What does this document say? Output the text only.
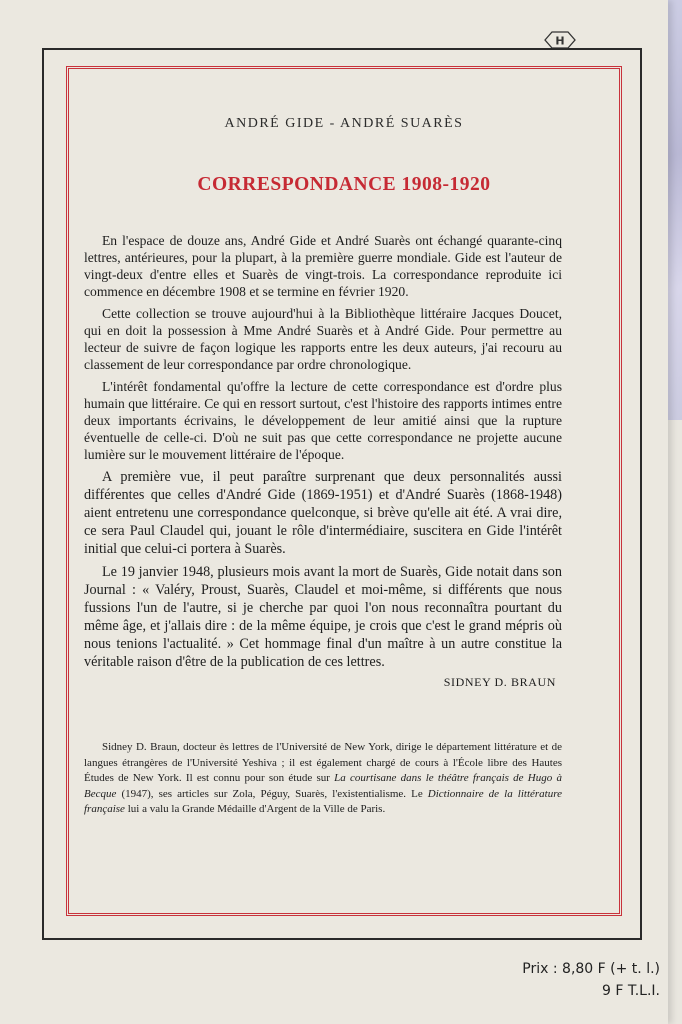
H
ANDRÉ GIDE - ANDRÉ SUARÈS
CORRESPONDANCE 1908-1920

En l'espace de douze ans, André Gide et André Suarès ont échangé quarante-cinq lettres, antérieures, pour la plupart, à la première guerre mondiale. Gide est l'auteur de vingt-deux d'entre elles et Suarès de vingt-trois. La correspondance reproduite ici commence en décembre 1908 et se termine en février 1920.

Cette collection se trouve aujourd'hui à la Bibliothèque littéraire Jacques Doucet, qui en doit la possession à Mme André Suarès et à André Gide. Pour permettre au lecteur de suivre de façon logique les rapports entre les deux auteurs, j'ai recouru au classement de leur correspondance par ordre chronologique.

L'intérêt fondamental qu'offre la lecture de cette correspondance est d'ordre plus humain que littéraire. Ce qui en ressort surtout, c'est l'histoire des rapports intimes entre deux importants écrivains, le développement de leur amitié ainsi que la rupture éventuelle de celle-ci. D'où ne suit pas que cette correspondance ne projette aucune lumière sur le mouvement littéraire de l'époque.

A première vue, il peut paraître surprenant que deux personnalités aussi différentes que celles d'André Gide (1869-1951) et d'André Suarès (1868-1948) aient entretenu une correspondance quelconque, si brève qu'elle ait été. A vrai dire, ce sera Paul Claudel qui, jouant le rôle d'intermédiaire, suscitera en Gide l'intérêt initial que celui-ci portera à Suarès.

Le 19 janvier 1948, plusieurs mois avant la mort de Suarès, Gide notait dans son Journal : « Valéry, Proust, Suarès, Claudel et moi-même, si différents que nous fussions l'un de l'autre, si je cherche par quoi l'on nous reconnaîtra pourtant du même âge, et j'allais dire : de la même équipe, je crois que c'est le grand mépris où nous tenions l'actualité. » Cet hommage final d'un maître à un autre constitue la véritable raison d'être de la publication de ces lettres.

SIDNEY D. BRAUN

Sidney D. Braun, docteur ès lettres de l'Université de New York, dirige le département littérature et de langues étrangères de l'Université Yeshiva ; il est également chargé de cours à l'École libre des Hautes Études de New York. Il est connu pour son étude sur La courtisane dans le théâtre français de Hugo à Becque (1947), ses articles sur Zola, Péguy, Suarès, l'existentialisme. Le Dictionnaire de la littérature française lui a valu la Grande Médaille d'Argent de la Ville de Paris.

Prix : 8,80 F (+ t. l.)
9 F T.L.I.
